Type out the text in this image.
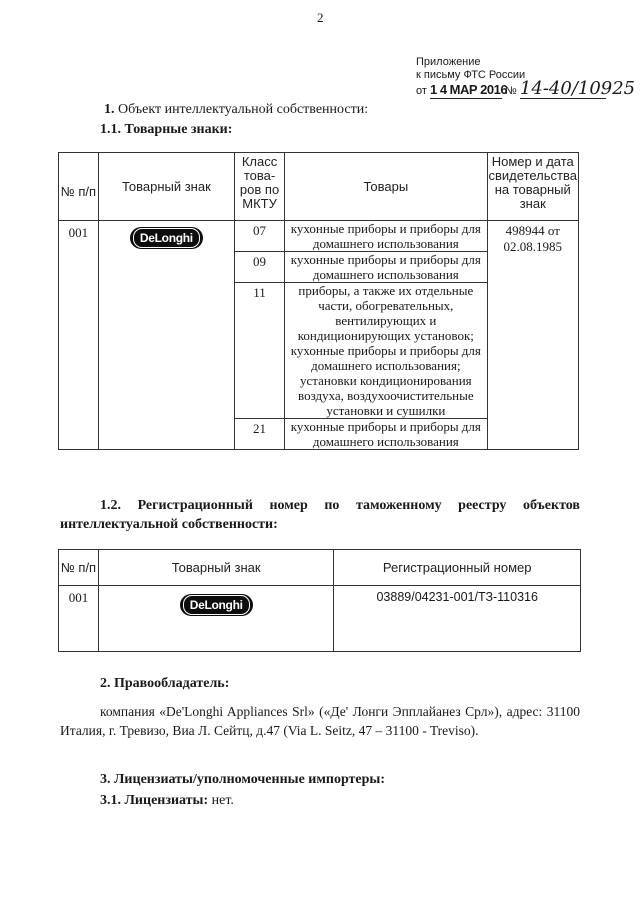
2
Приложение
к письму ФТС России
от 1 4 МАР 2016 № 14-40/10925
1. Объект интеллектуальной собственности:
1.1. Товарные знаки:
№ п/п	Товарный знак	Класс това-ров по МКТУ	Товары	Номер и дата свидетельства на товарный знак
001	DeLonghi	07	кухонные приборы и приборы для домашнего использования	498944 от 02.08.1985
		09	кухонные приборы и приборы для домашнего использования	
		11	приборы, а также их отдельные части, обогревательных, вентилирующих и кондиционирующих установок; кухонные приборы и приборы для домашнего использования; установки кондиционирования воздуха, воздухоочистительные установки и сушилки	
		21	кухонные приборы и приборы для домашнего использования	
1.2. Регистрационный номер по таможенному реестру объектов интеллектуальной собственности:
№ п/п	Товарный знак	Регистрационный номер
001	DeLonghi	03889/04231-001/ТЗ-110316
2. Правообладатель:
компания «De'Longhi Appliances Srl» («Де' Лонги Эпплайанез Срл»), адрес: 31100 Италия, г. Тревизо, Виа Л. Сейтц, д.47 (Via L. Seitz, 47 – 31100 - Treviso).
3. Лицензиаты/уполномоченные импортеры:
3.1. Лицензиаты: нет.
